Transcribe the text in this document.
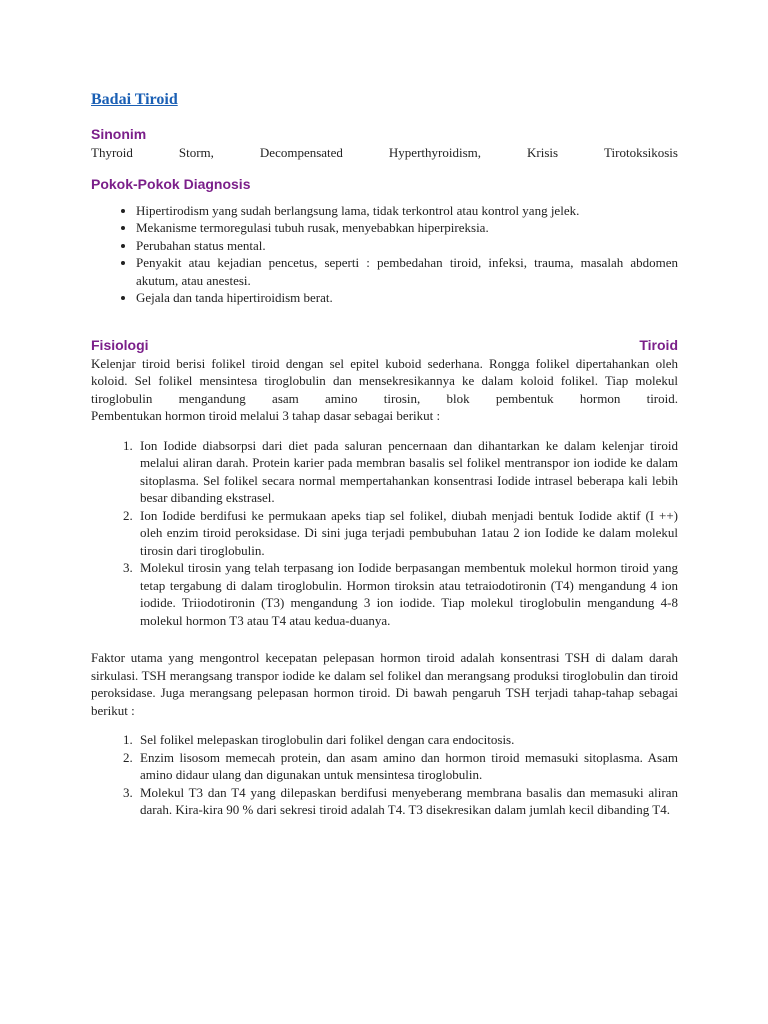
Badai Tiroid
Sinonim
Thyroid	Storm,	Decompensated	Hyperthyroidism,	Krisis	Tirotoksikosis
Pokok-Pokok Diagnosis
• Hipertirodism yang sudah berlangsung lama, tidak terkontrol atau kontrol yang jelek.
• Mekanisme termoregulasi tubuh rusak, menyebabkan hiperpireksia.
• Perubahan status mental.
• Penyakit atau kejadian pencetus, seperti : pembedahan tiroid, infeksi, trauma, masalah abdomen akutum, atau anestesi.
• Gejala dan tanda hipertiroidism berat.
Fisiologi	Tiroid

Kelenjar tiroid berisi folikel tiroid dengan sel epitel kuboid sederhana. Rongga folikel dipertahankan oleh koloid. Sel folikel mensintesa tiroglobulin dan mensekresikannya ke dalam koloid folikel. Tiap molekul tiroglobulin mengandung asam amino tirosin, blok pembentuk hormon tiroid.

Pembentukan hormon tiroid melalui 3 tahap dasar sebagai berikut :

1. Ion Iodide diabsorpsi dari diet pada saluran pencernaan dan dihantarkan ke dalam kelenjar tiroid melalui aliran darah. Protein karier pada membran basalis sel folikel mentranspor ion iodide ke dalam sitoplasma. Sel folikel secara normal mempertahankan konsentrasi Iodide intrasel beberapa kali lebih besar dibanding ekstrasel.
2. Ion Iodide berdifusi ke permukaan apeks tiap sel folikel, diubah menjadi bentuk Iodide aktif (I ++) oleh enzim tiroid peroksidase. Di sini juga terjadi pembubuhan 1atau 2 ion Iodide ke dalam molekul tirosin dari tiroglobulin.
3. Molekul tirosin yang telah terpasang ion Iodide berpasangan membentuk molekul hormon tiroid yang tetap tergabung di dalam tiroglobulin. Hormon tiroksin atau tetraiodotironin (T4) mengandung 4 ion iodide. Triiodotironin (T3) mengandung 3 ion iodide. Tiap molekul tiroglobulin mengandung 4-8 molekul hormon T3 atau T4 atau kedua-duanya.

Faktor utama yang mengontrol kecepatan pelepasan hormon tiroid adalah konsentrasi TSH di dalam darah sirkulasi. TSH merangsang transpor iodide ke dalam sel folikel dan merangsang produksi tiroglobulin dan tiroid peroksidase. Juga merangsang pelepasan hormon tiroid. Di bawah pengaruh TSH terjadi tahap-tahap sebagai berikut :

1. Sel folikel melepaskan tiroglobulin dari folikel dengan cara endocitosis.
2. Enzim lisosom memecah protein, dan asam amino dan hormon tiroid memasuki sitoplasma. Asam amino didaur ulang dan digunakan untuk mensintesa tiroglobulin.
3. Molekul T3 dan T4 yang dilepaskan berdifusi menyeberang membrana basalis dan memasuki aliran darah. Kira-kira 90 % dari sekresi tiroid adalah T4. T3 disekresikan dalam jumlah kecil dibanding T4.
